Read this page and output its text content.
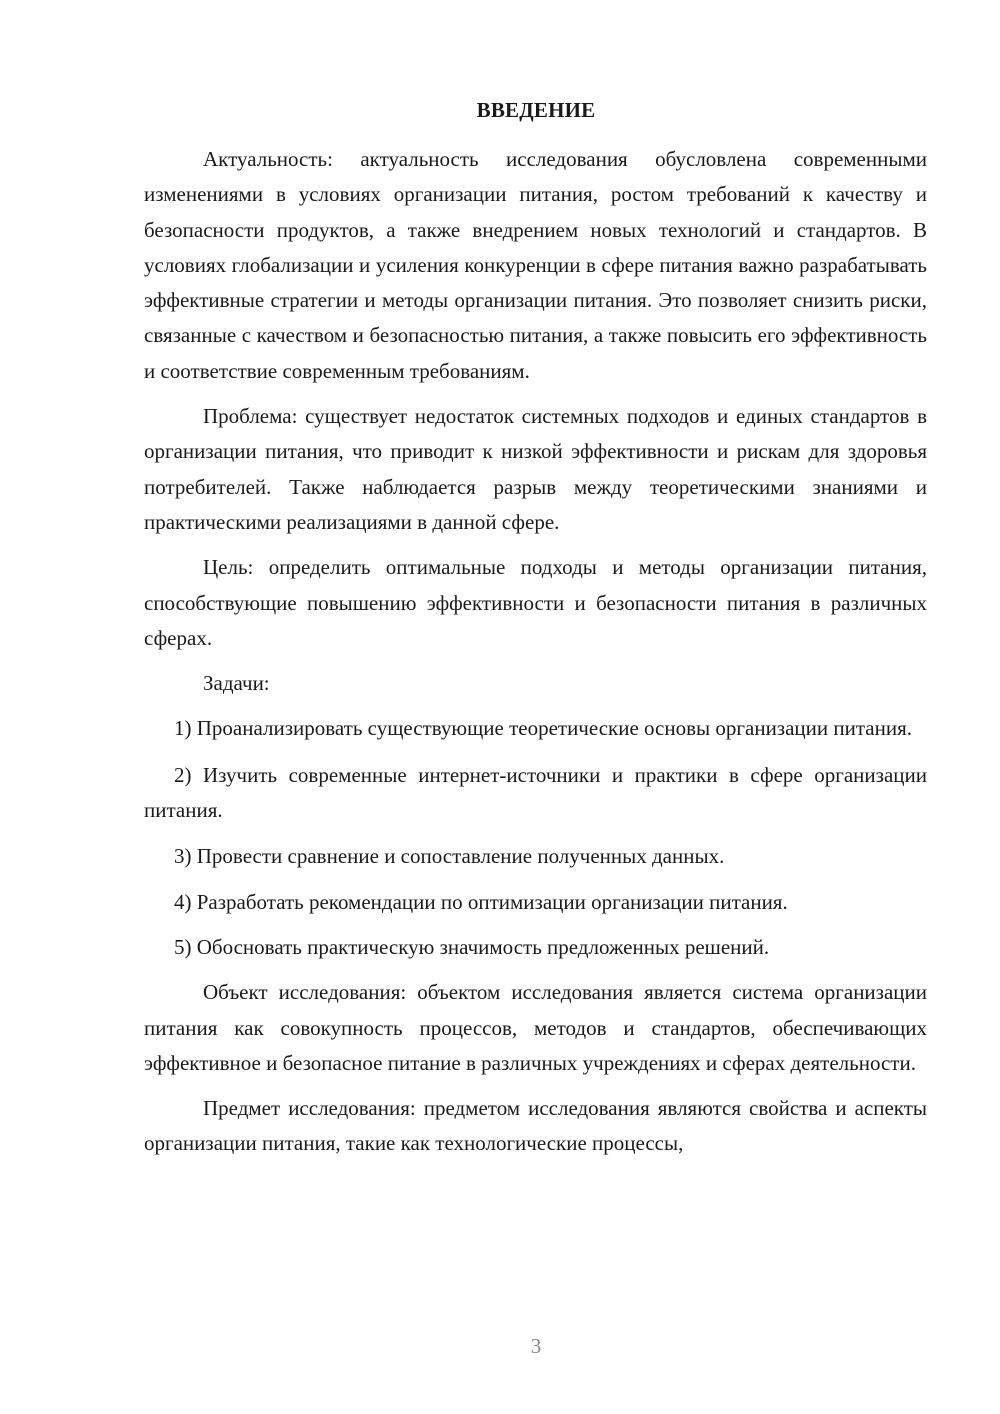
ВВЕДЕНИЕ

Актуальность: актуальность исследования обусловлена современными изменениями в условиях организации питания, ростом требований к качеству и безопасности продуктов, а также внедрением новых технологий и стандартов. В условиях глобализации и усиления конкуренции в сфере питания важно разрабатывать эффективные стратегии и методы организации питания. Это позволяет снизить риски, связанные с качеством и безопасностью питания, а также повысить его эффективность и соответствие современным требованиям.

Проблема: существует недостаток системных подходов и единых стандартов в организации питания, что приводит к низкой эффективности и рискам для здоровья потребителей. Также наблюдается разрыв между теоретическими знаниями и практическими реализациями в данной сфере.

Цель: определить оптимальные подходы и методы организации питания, способствующие повышению эффективности и безопасности питания в различных сферах.

Задачи:

1) Проанализировать существующие теоретические основы организации питания.

2) Изучить современные интернет-источники и практики в сфере организации питания.

3) Провести сравнение и сопоставление полученных данных.

4) Разработать рекомендации по оптимизации организации питания.

5) Обосновать практическую значимость предложенных решений.

Объект исследования: объектом исследования является система организации питания как совокупность процессов, методов и стандартов, обеспечивающих эффективное и безопасное питание в различных учреждениях и сферах деятельности.

Предмет исследования: предметом исследования являются свойства и аспекты организации питания, такие как технологические процессы,

3
